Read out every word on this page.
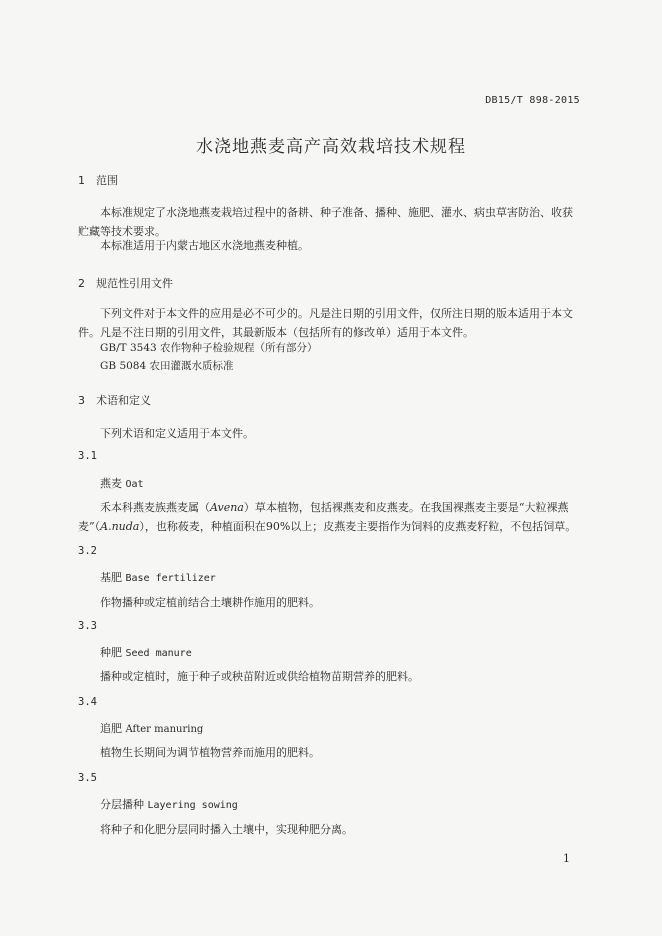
DB15/T 898-2015
水浇地燕麦高产高效栽培技术规程
1 范围
本标准规定了水浇地燕麦栽培过程中的备耕、种子准备、播种、施肥、灌水、病虫草害防治、收获贮藏等技术要求。
本标准适用于内蒙古地区水浇地燕麦种植。
2 规范性引用文件
下列文件对于本文件的应用是必不可少的。凡是注日期的引用文件，仅所注日期的版本适用于本文件。凡是不注日期的引用文件，其最新版本（包括所有的修改单）适用于本文件。
GB/T 3543 农作物种子检验规程（所有部分）
GB 5084 农田灌溉水质标准
3 术语和定义
下列术语和定义适用于本文件。
3.1
燕麦 Oat
禾本科燕麦族燕麦属（Avena）草本植物，包括裸燕麦和皮燕麦。在我国裸燕麦主要是“大粒裸燕麦”（A.nuda），也称莜麦，种植面积在90%以上；皮燕麦主要指作为饲料的皮燕麦籽粒，不包括饲草。
3.2
基肥 Base fertilizer
作物播种或定植前结合土壤耕作施用的肥料。
3.3
种肥 Seed manure
播种或定植时，施于种子或秧苗附近或供给植物苗期营养的肥料。
3.4
追肥 After manuring
植物生长期间为调节植物营养而施用的肥料。
3.5
分层播种 Layering sowing
将种子和化肥分层同时播入土壤中，实现种肥分离。
1
